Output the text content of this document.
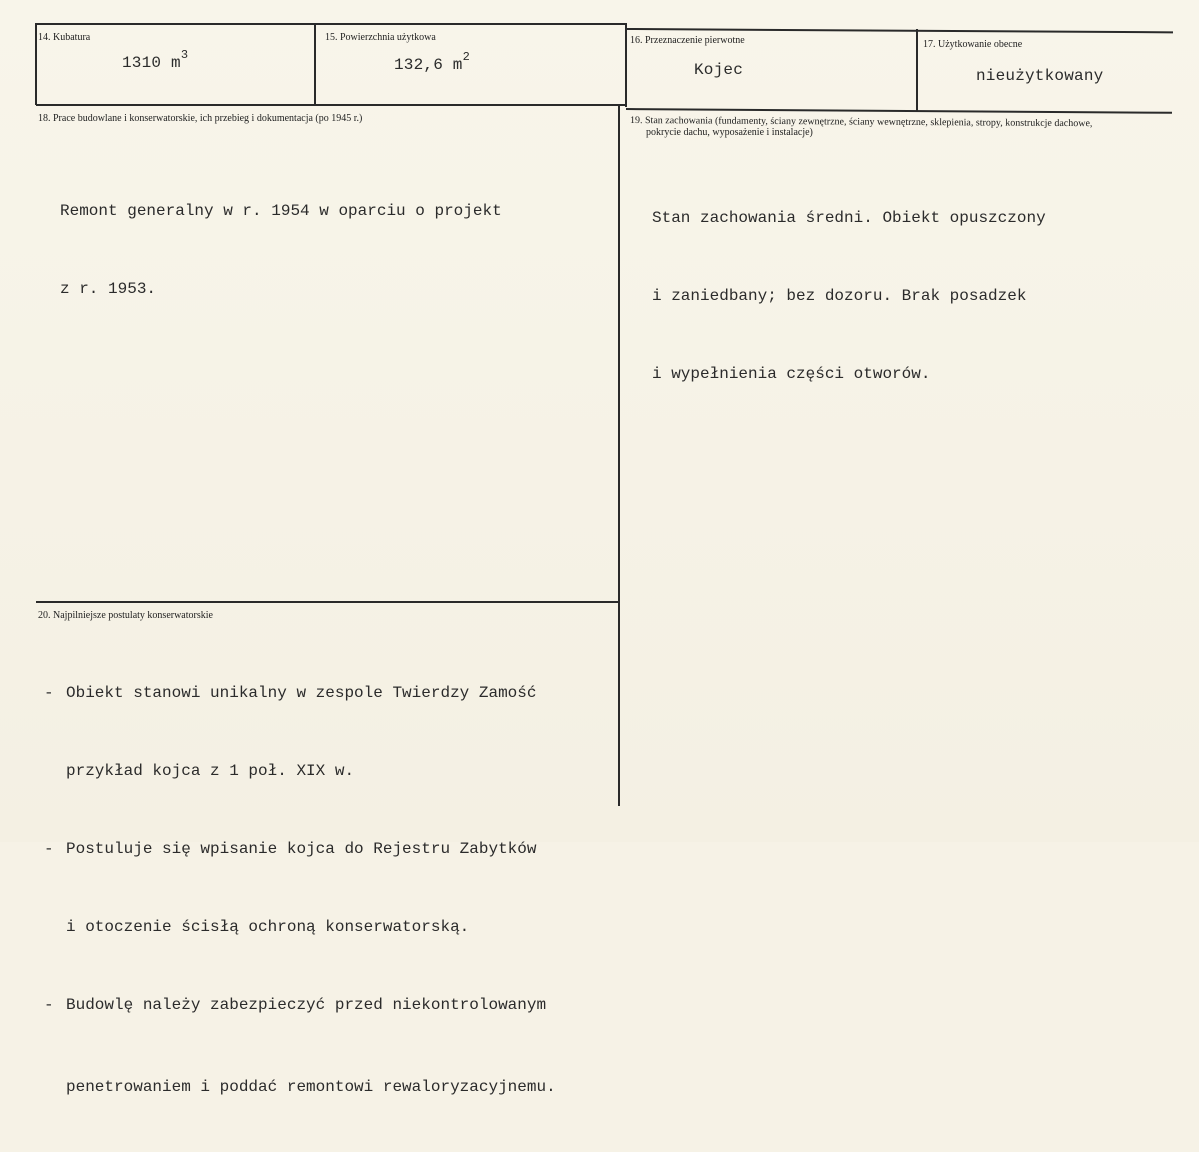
14. Kubatura
1310 $m^3$
15. Powierzchnia użytkowa
132,6 $m^2$
16. Przeznaczenie pierwotne
Kojec
17. Użytkowanie obecne
nieużytkowany
18. Prace budowlane i konserwatorskie, ich przebieg i dokumentacja (po 1945 r.)

Remont generalny w r. 1954 w oparciu o projekt

z r. 1953.

19. Stan zachowania (fundamenty, ściany zewnętrzne, ściany wewnętrzne, sklepienia, stropy, konstrukcje dachowe,
pokrycie dachu, wyposażenie i instalacje)

Stan zachowania średni. Obiekt opuszczony

i zaniedbany; bez dozoru. Brak posadzek

i wypełnienia części otworów.

20. Najpilniejsze postulaty konserwatorskie

- Obiekt stanowi unikalny w zespole Twierdzy Zamość

przykład kojca z 1 poł. XIX w.

- Postuluje się wpisanie kojca do Rejestru Zabytków

i otoczenie ścisłą ochroną konserwatorską.

- Budowlę należy zabezpieczyć przed niekontrolowanym

penetrowaniem i poddać remontowi rewaloryzacyjnemu.
